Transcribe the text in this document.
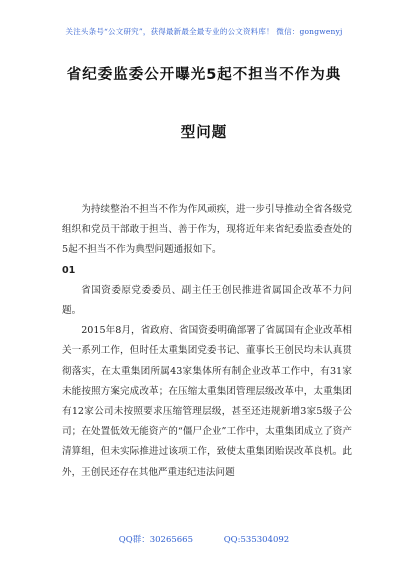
关注头条号“公文研究”，获得最新最全最专业的公文资料库！ 微信：gongwenyj
省纪委监委公开曝光5起不担当不作为典
型问题

为持续整治不担当不作为作风顽疾，进一步引导推动全省各级党组织和党员干部敢于担当、善于作为，现将近年来省纪委监委查处的5起不担当不作为典型问题通报如下。

01

省国资委原党委委员、副主任王创民推进省属国企改革不力问题。

2015年8月，省政府、省国资委明确部署了省属国有企业改革相关一系列工作，但时任太重集团党委书记、董事长王创民均未认真贯彻落实，在太重集团所属43家集体所有制企业改革工作中，有31家未能按照方案完成改革；在压缩太重集团管理层级改革中，太重集团有12家公司未按照要求压缩管理层级，甚至还违规新增3家5级子公司；在处置低效无能资产的“僵尸企业”工作中，太重集团成立了资产清算组，但未实际推进过该项工作，致使太重集团贻误改革良机。此外，王创民还存在其他严重违纪违法问题

QQ群：30265665	QQ:535304092
